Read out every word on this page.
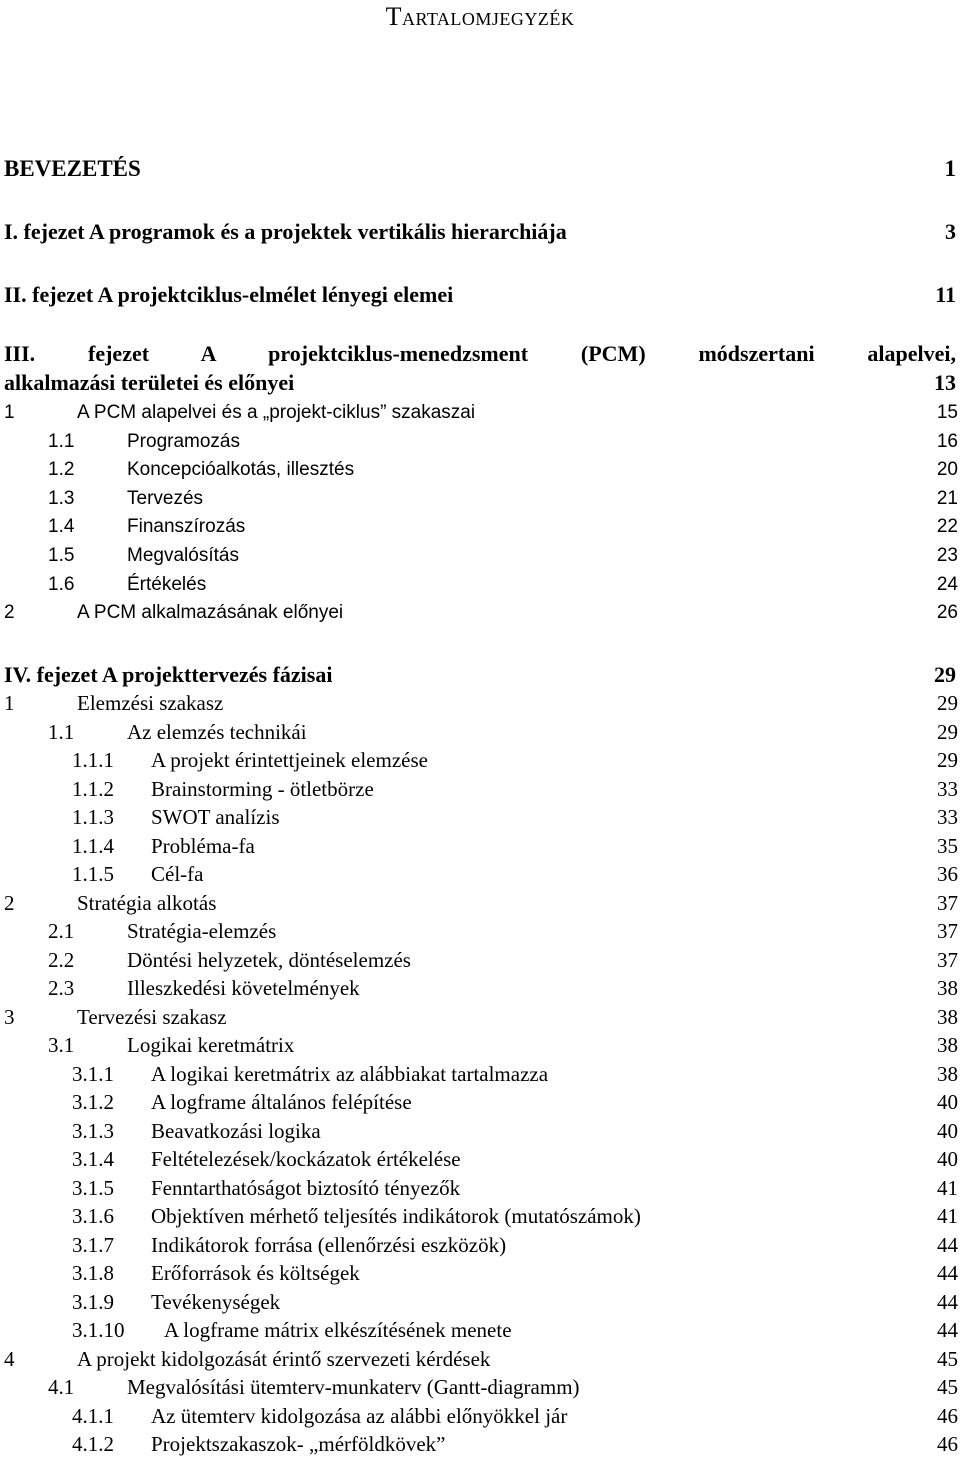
Tartalomjegyzék
BEVEZETÉS	1
I. fejezet A programok és a projektek vertikális hierarchiája	3
II. fejezet A projektciklus-elmélet lényegi elemei	11
III. fejezet A projektciklus-menedzsment (PCM) módszertani alapelvei,
alkalmazási területei és előnyei	13
1	A PCM alapelvei és a „projekt-ciklus” szakaszai	15
1.1	Programozás	16
1.2	Koncepcióalkotás, illesztés	20
1.3	Tervezés	21
1.4	Finanszírozás	22
1.5	Megvalósítás	23
1.6	Értékelés	24
2	A PCM alkalmazásának előnyei	26
IV. fejezet A projekttervezés fázisai	29
1	Elemzési szakasz	29
1.1	Az elemzés technikái	29
1.1.1 A projekt érintettjeinek elemzése	29
1.1.2 Brainstorming - ötletbörze	33
1.1.3 SWOT analízis	33
1.1.4 Probléma-fa	35
1.1.5 Cél-fa	36
2	Stratégia alkotás	37
2.1	Stratégia-elemzés	37
2.2	Döntési helyzetek, döntéselemzés	37
2.3	Illeszkedési követelmények	38
3	Tervezési szakasz	38
3.1	Logikai keretmátrix	38
3.1.1 A logikai keretmátrix az alábbiakat tartalmazza	38
3.1.2 A logframe általános felépítése	40
3.1.3 Beavatkozási logika	40
3.1.4 Feltételezések/kockázatok értékelése	40
3.1.5 Fenntarthatóságot biztosító tényezők	41
3.1.6 Objektíven mérhető teljesítés indikátorok (mutatószámok)	41
3.1.7 Indikátorok forrása (ellenőrzési eszközök)	44
3.1.8 Erőforrások és költségek	44
3.1.9 Tevékenységek	44
3.1.10 A logframe mátrix elkészítésének menete	44
4	A projekt kidolgozását érintő szervezeti kérdések	45
4.1	Megvalósítási ütemterv-munkaterv (Gantt-diagramm)	45
4.1.1 Az ütemterv kidolgozása az alábbi előnyökkel jár	46
4.1.2 Projektszakaszok- „mérföldkövek”	46
